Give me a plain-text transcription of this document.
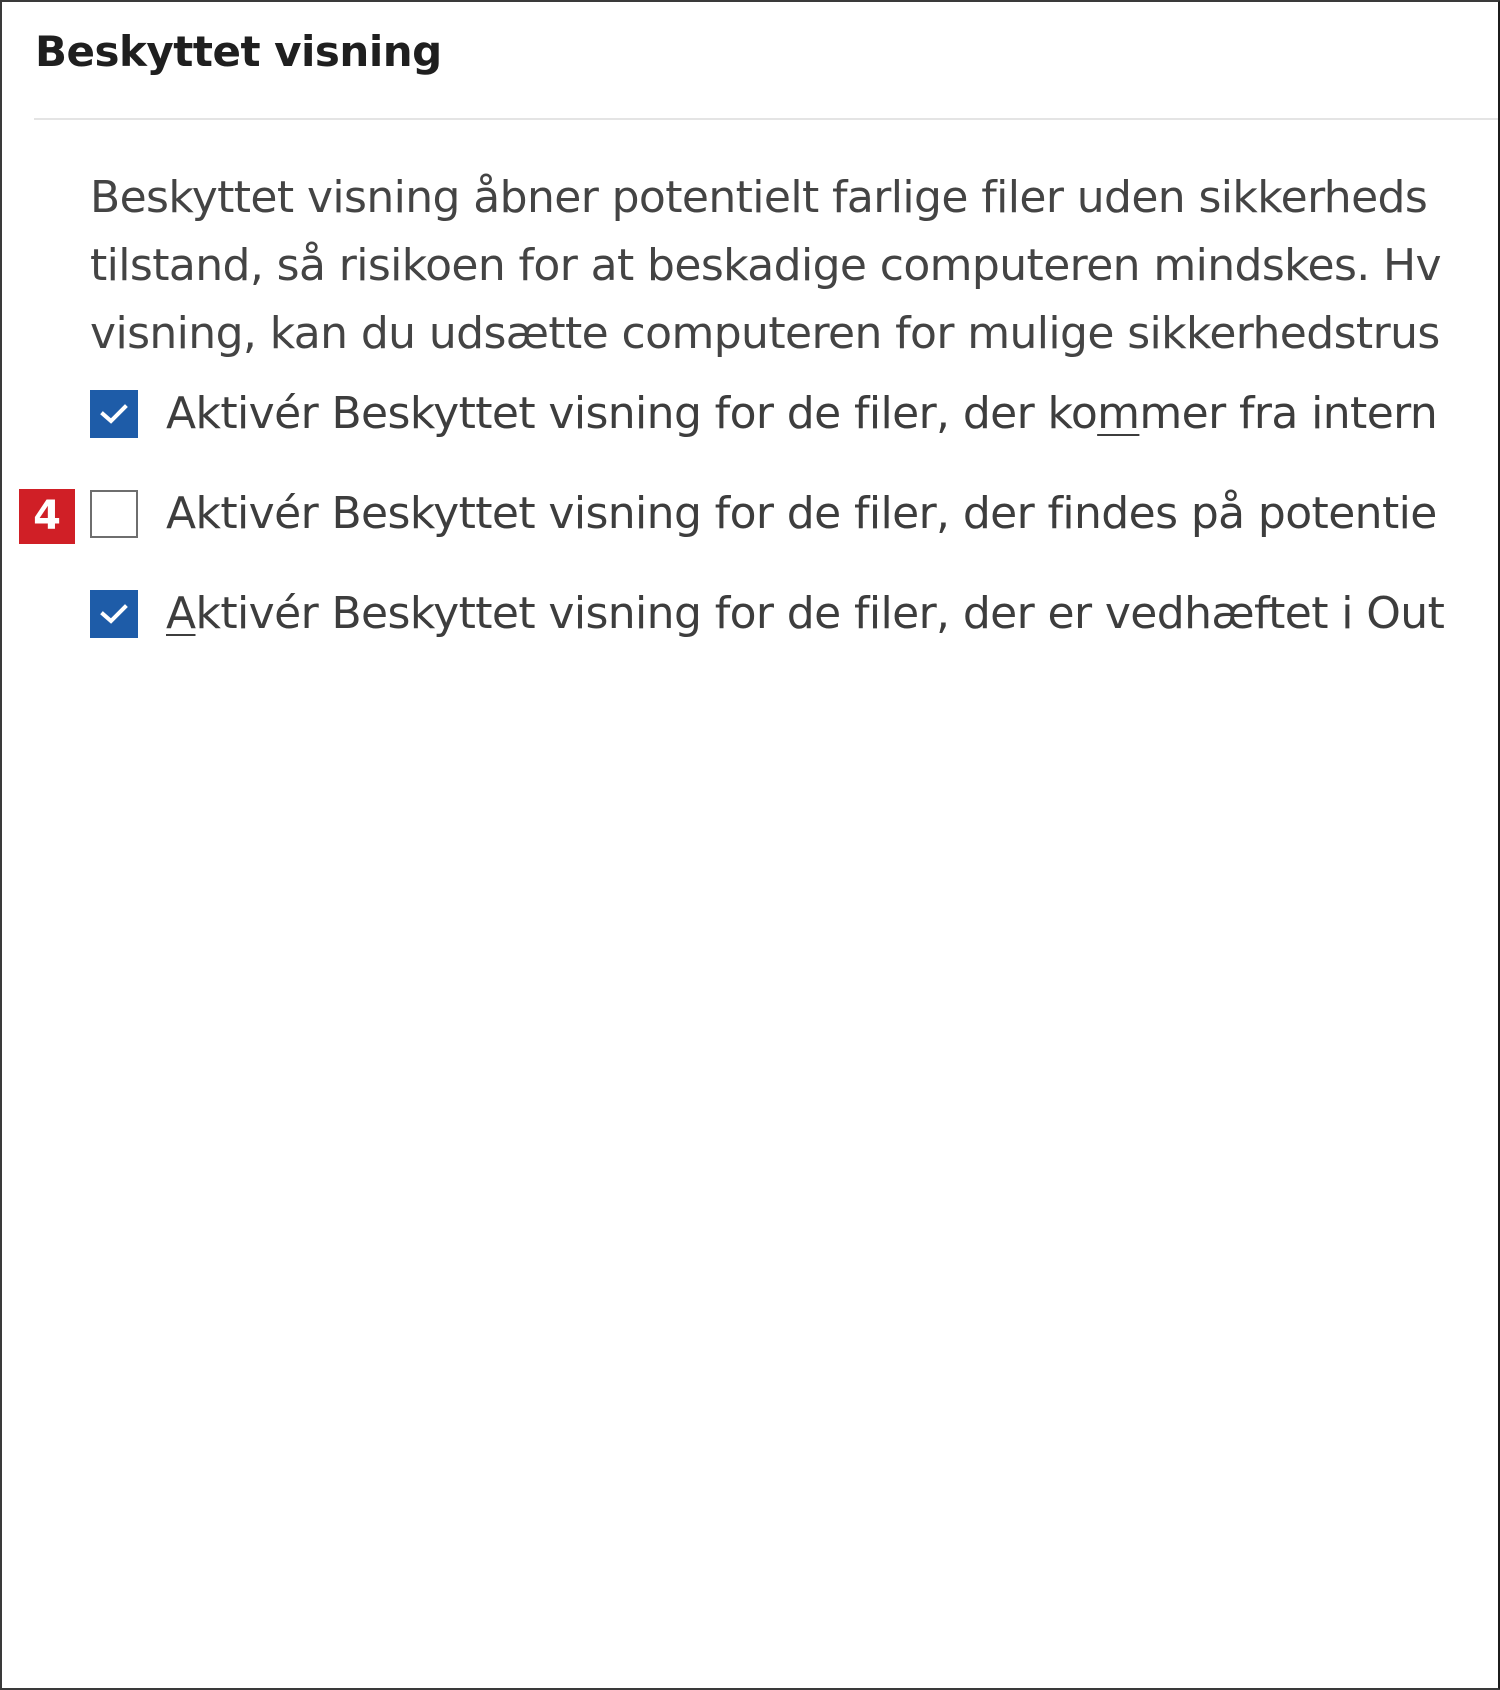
Beskyttet visning
Beskyttet visning åbner potentielt farlige filer uden sikkerheds
tilstand, så risikoen for at beskadige computeren mindskes. Hv
visning, kan du udsætte computeren for mulige sikkerhedstrus
Aktivér Beskyttet visning for de filer, der kommer fra intern
4	Aktivér Beskyttet visning for de filer, der findes på potentie
Aktivér Beskyttet visning for de filer, der er vedhæftet i Out
